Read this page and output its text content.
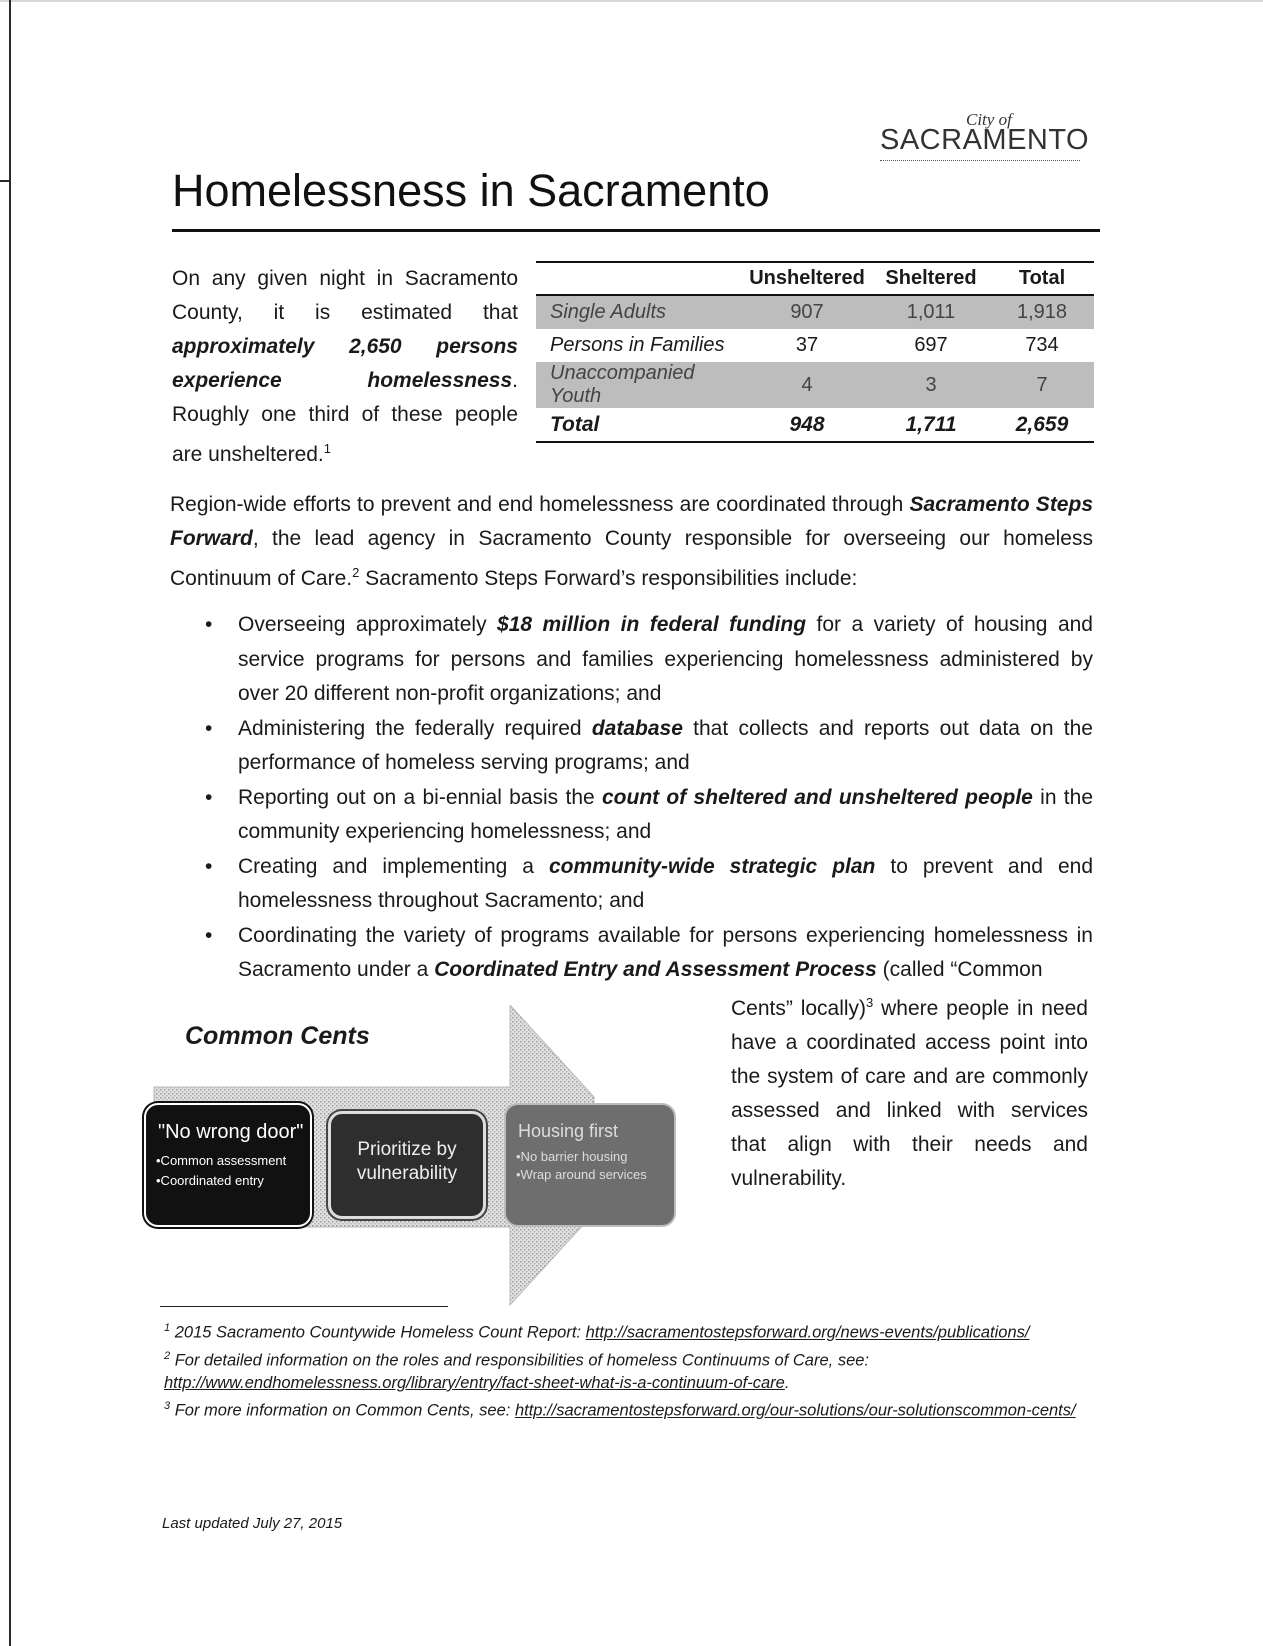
City of
SACRAMENTO
Homelessness in Sacramento

On any given night in Sacramento County, it is estimated that approximately 2,650 persons experience homelessness. Roughly one third of these people are unsheltered.$^1$

	Unsheltered	Sheltered	Total
Single Adults	907	1,011	1,918
Persons in Families	37	697	734
Unaccompanied Youth	4	3	7
Total	948	1,711	2,659

Region-wide efforts to prevent and end homelessness are coordinated through Sacramento Steps Forward, the lead agency in Sacramento County responsible for overseeing our homeless Continuum of Care.$^2$ Sacramento Steps Forward’s responsibilities include:

• Overseeing approximately $18 million in federal funding for a variety of housing and service programs for persons and families experiencing homelessness administered by over 20 different non-profit organizations; and
• Administering the federally required database that collects and reports out data on the performance of homeless serving programs; and
• Reporting out on a bi-ennial basis the count of sheltered and unsheltered people in the community experiencing homelessness; and
• Creating and implementing a community-wide strategic plan to prevent and end homelessness throughout Sacramento; and
• Coordinating the variety of programs available for persons experiencing homelessness in Sacramento under a Coordinated Entry and Assessment Process (called “Common

Cents” locally)$^3$ where people in need have a coordinated access point into the system of care and are commonly assessed and linked with services that align with their needs and vulnerability.

Common Cents
"No wrong door"
•Common assessment
•Coordinated entry
Prioritize by
vulnerability
Housing first
•No barrier housing
•Wrap around services
$^1$ 2015 Sacramento Countywide Homeless Count Report: http://sacramentostepsforward.org/news-events/publications/
$^2$ For detailed information on the roles and responsibilities of homeless Continuums of Care, see: http://www.endhomelessness.org/library/entry/fact-sheet-what-is-a-continuum-of-care.
$^3$ For more information on Common Cents, see: http://sacramentostepsforward.org/our-solutions/our-solutionscommon-cents/
Last updated July 27, 2015
